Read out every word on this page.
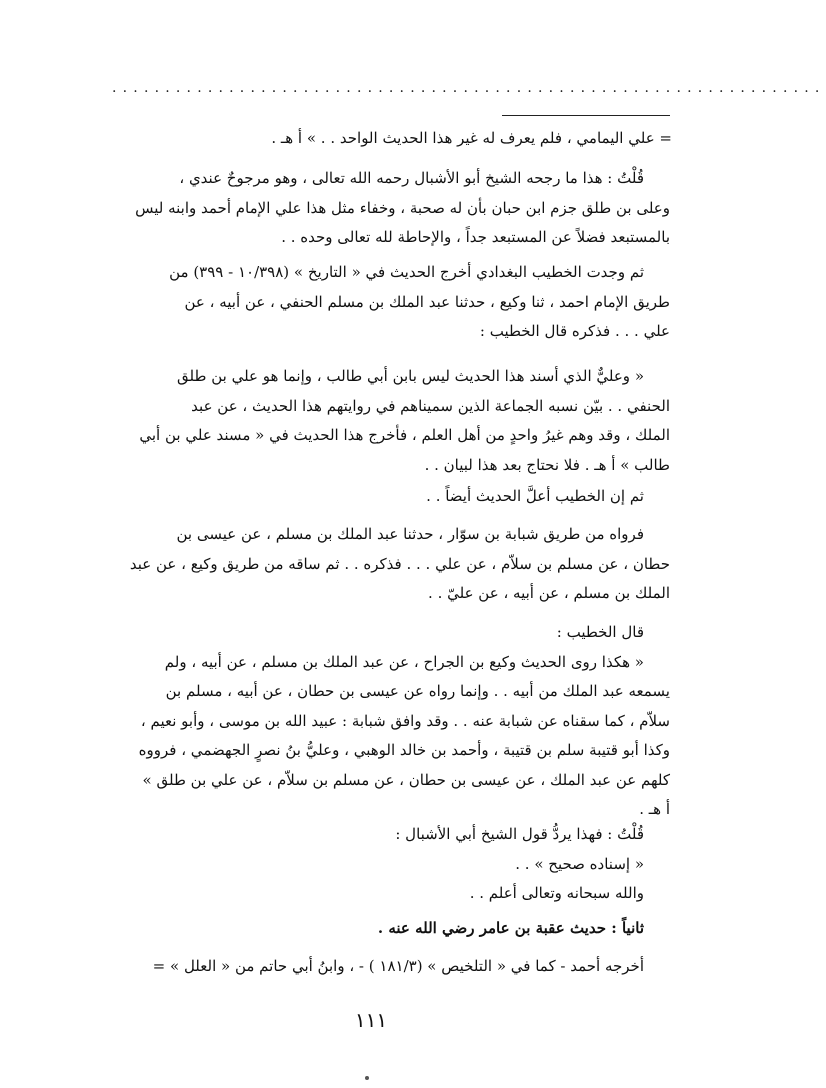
...................................................................
= علي اليمامي ، فلم يعرف له غير هذا الحديث الواحد . . » أ هـ .

قُلْتُ : هذا ما رجحه الشيخ أبو الأشبال رحمه الله تعالى ، وهو مرجوحٌ عندي ،

وعلى بن طلق جزم ابن حبان بأن له صحبة ، وخفاء مثل هذا علي الإمام أحمد وابنه ليس

بالمستبعد فضلاً عن المستبعد جداً ، والإحاطة لله تعالى وحده . .

ثم وجدت الخطيب البغدادي أخرج الحديث في « التاريخ » (١٠/٣٩٨ - ٣٩٩) من

طريق الإمام احمد ، ثنا وكيع ، حدثنا عبد الملك بن مسلم الحنفي ، عن أبيه ، عن

علي . . . فذكره قال الخطيب :

« وعليٌّ الذي أسند هذا الحديث ليس بابن أبي طالب ، وإنما هو علي بن طلق

الحنفي . . بيّن نسبه الجماعة الذين سميناهم في روايتهم هذا الحديث ، عن عبد

الملك ، وقد وهم غيرُ واحدٍ من أهل العلم ، فأخرج هذا الحديث في « مسند علي بن أبي

طالب » أ هـ . فلا نحتاج بعد هذا لبيان . .

ثم إن الخطيب أعلَّ الحديث أيضاً . .

فرواه من طريق شبابة بن سوّار ، حدثنا عبد الملك بن مسلم ، عن عيسى بن

حطان ، عن مسلم بن سلاّم ، عن علي . . . فذكره . . ثم ساقه من طريق وكيع ، عن عبد

الملك بن مسلم ، عن أبيه ، عن عليّ . .

قال الخطيب :

« هكذا روى الحديث وكيع بن الجراح ، عن عبد الملك بن مسلم ، عن أبيه ، ولم

يسمعه عبد الملك من أبيه . . وإنما رواه عن عيسى بن حطان ، عن أبيه ، مسلم بن

سلاّم ، كما سقناه عن شبابة عنه . . وقد وافق شبابة : عبيد الله بن موسى ، وأبو نعيم ،

وكذا أبو قتيبة سلم بن قتيبة ، وأحمد بن خالد الوهبي ، وعليُّ بنُ نصرٍ الجهضمي ، فرووه

كلهم عن عبد الملك ، عن عيسى بن حطان ، عن مسلم بن سلاّم ، عن علي بن طلق »

أ هـ .

قُلْتُ : فهذا يردُّ قول الشيخ أبي الأشبال :

« إسناده صحيح » . .

والله سبحانه وتعالى أعلم . .

ثانياً : حديث عقبة بن عامر رضي الله عنه .
أخرجه أحمد - كما في « التلخيص » (١٨١/٣ ) - ، وابنُ أبي حاتم من « العلل » =
١١١
